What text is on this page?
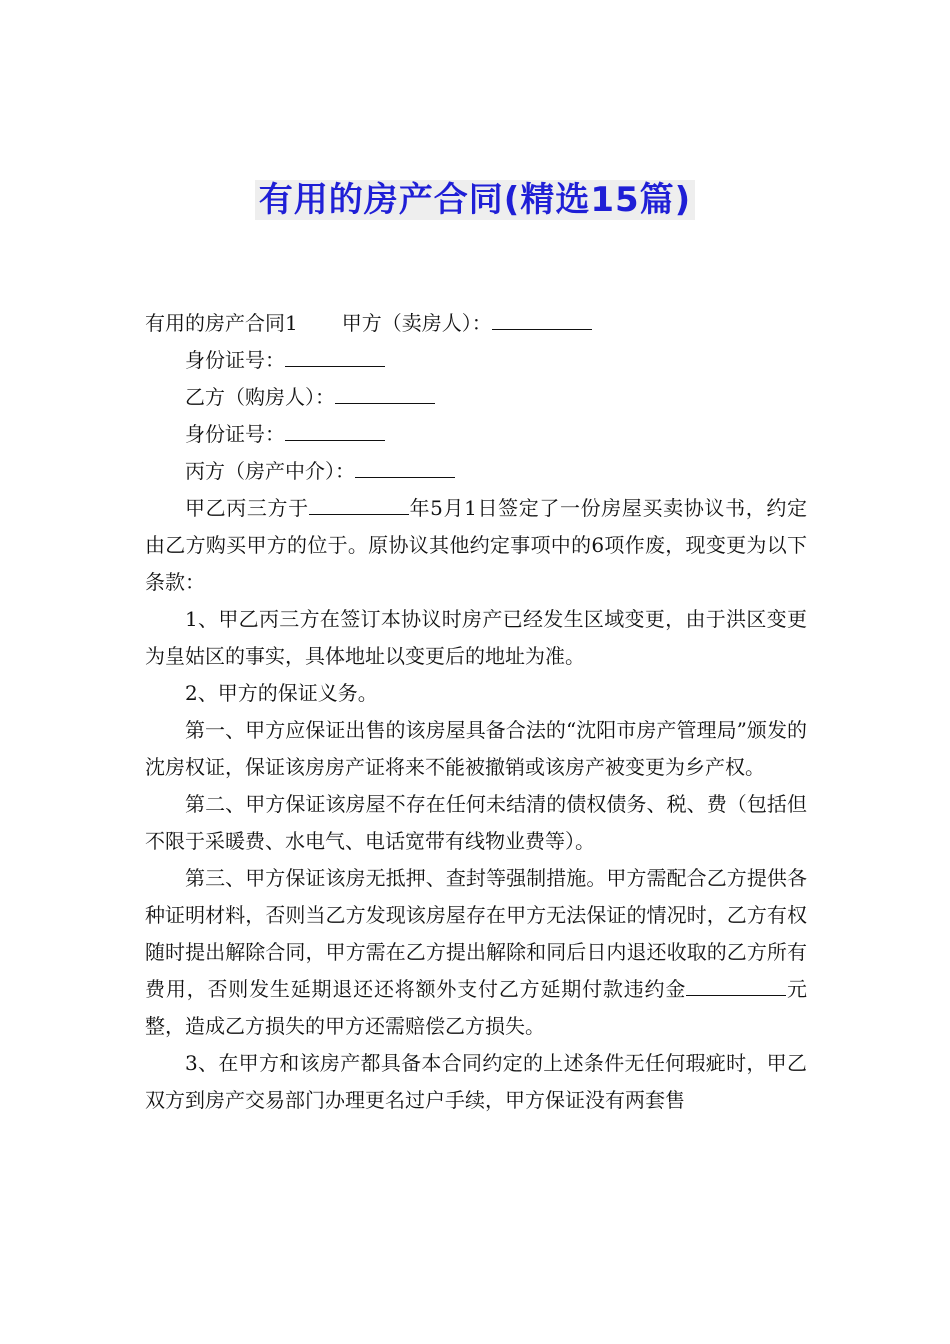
有用的房产合同(精选15篇)

有用的房产合同1 甲方（卖房人）：

身份证号：

乙方（购房人）：

身份证号：

丙方（房产中介）：

甲乙丙三方于	年5月1日签定了一份房屋买卖协议书，约定由乙方购买甲方的位于。原协议其他约定事项中的6项作废，现变更为以下条款：

1、甲乙丙三方在签订本协议时房产已经发生区域变更，由于洪区变更为皇姑区的事实，具体地址以变更后的地址为准。

2、甲方的保证义务。

第一、甲方应保证出售的该房屋具备合法的“沈阳市房产管理局”颁发的沈房权证，保证该房房产证将来不能被撤销或该房产被变更为乡产权。

第二、甲方保证该房屋不存在任何未结清的债权债务、税、费（包括但不限于采暖费、水电气、电话宽带有线物业费等）。

第三、甲方保证该房无抵押、查封等强制措施。甲方需配合乙方提供各种证明材料，否则当乙方发现该房屋存在甲方无法保证的情况时，乙方有权随时提出解除合同，甲方需在乙方提出解除和同后日内退还收取的乙方所有费用，否则发生延期退还还将额外支付乙方延期付款违约金	元整，造成乙方损失的甲方还需赔偿乙方损失。

3、在甲方和该房产都具备本合同约定的上述条件无任何瑕疵时，甲乙双方到房产交易部门办理更名过户手续，甲方保证没有两套售
